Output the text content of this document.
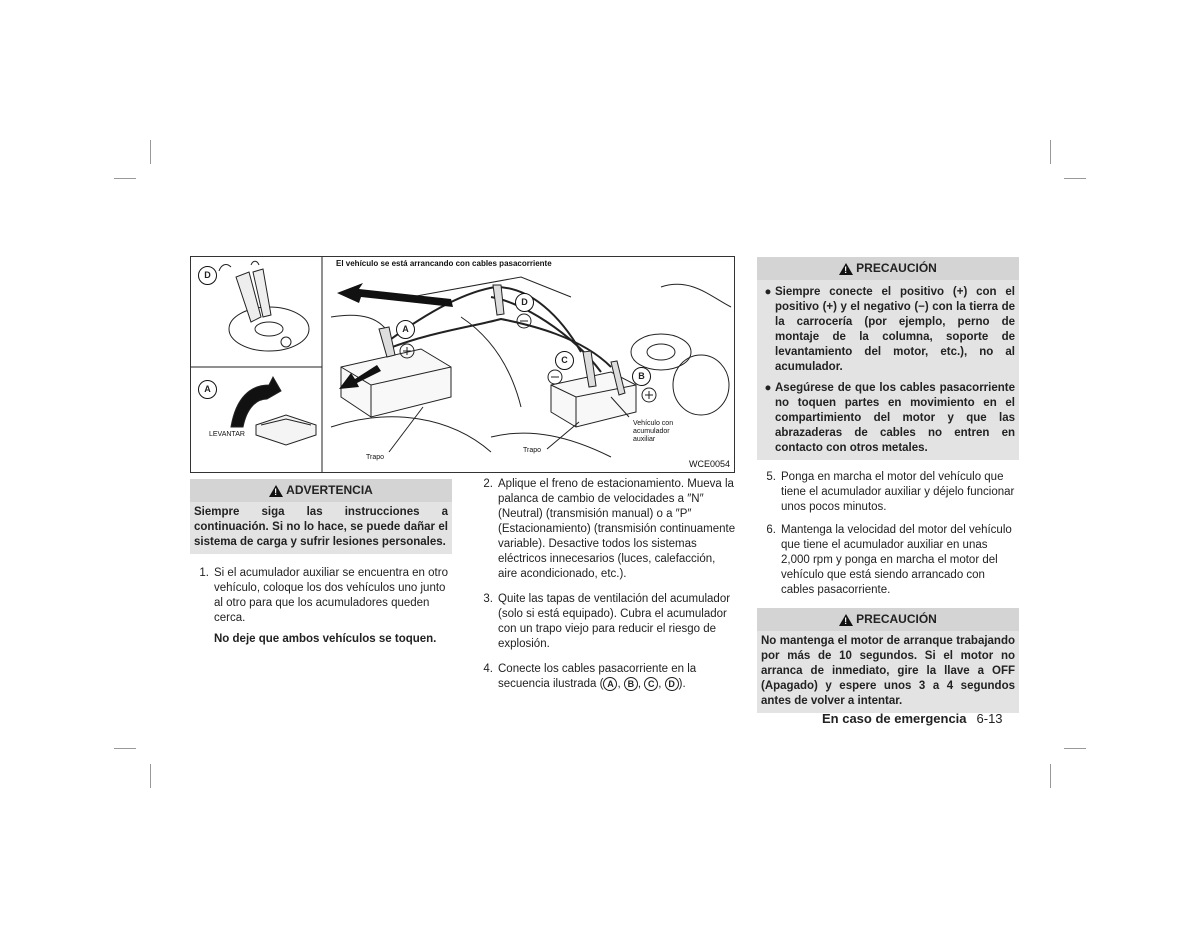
El vehículo se está arrancando con cables pasacorriente
D
A
LEVANTAR
A
D
C
B
Trapo
Trapo
Vehículo con acumulador auxiliar
WCE0054
!
ADVERTENCIA
Siempre siga las instrucciones a continuación. Si no lo hace, se puede dañar el sistema de carga y sufrir lesiones personales.
1. Si el acumulador auxiliar se encuentra en otro vehículo, coloque los dos vehículos uno junto al otro para que los acumuladores queden cerca.
No deje que ambos vehículos se toquen.
2. Aplique el freno de estacionamiento. Mueva la palanca de cambio de velocidades a ″N″ (Neutral) (transmisión manual) o a ″P″ (Estacionamiento) (transmisión continuamente variable). Desactive todos los sistemas eléctricos innecesarios (luces, calefacción, aire acondicionado, etc.).
3. Quite las tapas de ventilación del acumulador (solo si está equipado). Cubra el acumulador con un trapo viejo para reducir el riesgo de explosión.
4. Conecte los cables pasacorriente en la secuencia ilustrada ( A , B , C , D ).
!
PRECAUCIÓN
● Siempre conecte el positivo (+) con el positivo (+) y el negativo (−) con la tierra de la carrocería (por ejemplo, perno de montaje de la columna, soporte de levantamiento del motor, etc.), no al acumulador.
● Asegúrese de que los cables pasacorriente no toquen partes en movimiento en el compartimiento del motor y que las abrazaderas de cables no entren en contacto con otros metales.
5. Ponga en marcha el motor del vehículo que tiene el acumulador auxiliar y déjelo funcionar unos pocos minutos.
6. Mantenga la velocidad del motor del vehículo que tiene el acumulador auxiliar en unas 2,000 rpm y ponga en marcha el motor del vehículo que está siendo arrancado con cables pasacorriente.
!
PRECAUCIÓN
No mantenga el motor de arranque trabajando por más de 10 segundos. Si el motor no arranca de inmediato, gire la llave a OFF (Apagado) y espere unos 3 a 4 segundos antes de volver a intentar.
En caso de emergencia 6-13
